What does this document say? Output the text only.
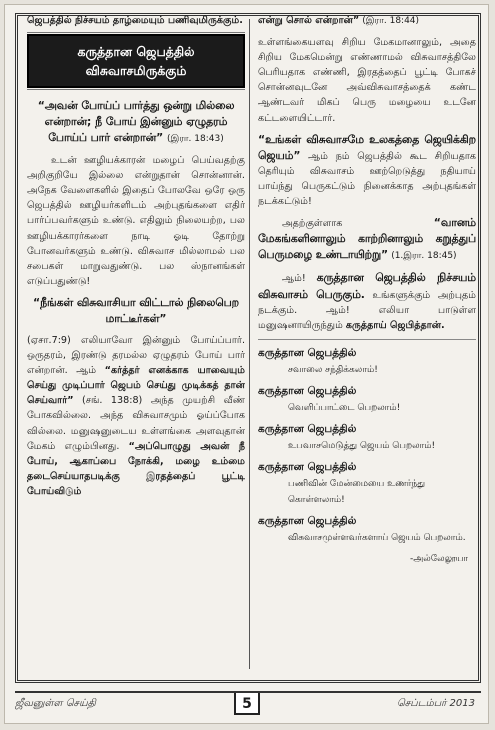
ஜெபத்தில் நிச்சயம் தாழ்மையும் பணிவுமிருக்கும்.

கருத்தான ஜெபத்தில் விசுவாசமிருக்கும்

“அவன் போய்ப் பார்த்து ஒன்று மில்லை என்றான்; நீ போய் இன்னும் ஏழுதரம் போய்ப் பார் என்றான்” (இரா. 18:43)

உடன் ஊழியக்காரன் மழைப் பெய்வதற்கு அறிகுறியே இல்லை என்றுதான் சொன்னான். அநேக வேளைகளில் இதைப் போலவே ஒரே ஒரு ஜெபத்தில் ஊழியர்களிடம் அற்புதங்களை எதிர் பார்ப்பவர்களும் உண்டு. எதிலும் நிலையற்ற, பல ஊழியக்காரர்களை நாடி ஓடி தோற்று போனவர்களும் உண்டு. விசுவாச மில்லாமல் பல சபைகள் மாறுவதுண்டு. பல ஸ்நானங்கள் எடுப்பதுண்டு!

“நீங்கள் விசுவாசியா விட்டால் நிலைபெற மாட்டீர்கள்”

(ஏசா.7:9) எலியாவோ இன்னும் போய்ப்பார். ஒருதரம், இரண்டு தரமல்ல ஏழுதரம் போய் பார் என்றான். ஆம் “கர்த்தர் எனக்காக யாவையும் செய்து முடிப்பார் ஜெபம் செய்து முடிக்கத் தான் செய்வார்” (சங். 138:8) அந்த முயற்சி வீண் போகவில்லை. அந்த விசுவாசமும் ஓய்ப்போக வில்லை. மனுஷனுடைய உள்ளங்கை அளவுதான் மேகம் எழும்பினது. “அப்பொழுது அவன் நீ போய், ஆகாப்பை நோக்கி, மழை உம்மை தடைசெய்யாதபடிக்கு இரதத்தைப் பூட்டி போய்விடும்

என்று சொல் என்றான்” (இரா. 18:44)

உள்ளங்கையளவு சிறிய மேகமானாலும், அதை சிறிய மேகமென்று எண்ணாமல் விசுவாசத்திலே பெரியதாக எண்ணி, இரதத்தைப் பூட்டி போகச் சொன்னவுடனே அவ்விசுவாசத்தைக் கண்ட ஆண்டவர் மிகப் பெரு மழையை உடனே கட்டளையிட்டார்.

“உங்கள் விசுவாசமே உலகத்தை ஜெயிக்கிற ஜெயம்” ஆம் நம் ஜெபத்தில் கூட சிறியதாக தெரியும் விசுவாசம் ஊற்றெடுத்து நதியாய் பாய்ந்து பெருகட்டும் நினைக்காத அற்புதங்கள் நடக்கட்டும்!

அதற்குள்ளாக	“வானம் மேகங்களினாலும் காற்றினாலும் கறுத்துப் பெருமழை உண்டாயிற்று” (1.இரா. 18:45)

ஆம்! கருத்தான ஜெபத்தில் நிச்சயம் விசுவாசம் பெருகும். உங்களுக்கும் அற்புதம் நடக்கும். ஆம்! எலியா பாடுள்ள மனுஷனாயிருந்தும் கருத்தாய் ஜெபித்தான்.

கருத்தான ஜெபத்தில்
சவாலை சந்திக்கலாம்!
கருத்தான ஜெபத்தில்
வெளிப்பாட்டை பெறலாம்!
கருத்தான ஜெபத்தில்
உபவாசமெடுத்து ஜெயம் பெறலாம்!
கருத்தான ஜெபத்தில்
பணிவின் மேன்மையை உணர்ந்து கொள்ளலாம்!
கருத்தான ஜெபத்தில்
விசுவாசமுள்ளவர்களாய் ஜெயம் பெறலாம்.
-அல்லேலூயா
ஜீவனுள்ள செய்தி	5	செப்டம்பர் 2013
